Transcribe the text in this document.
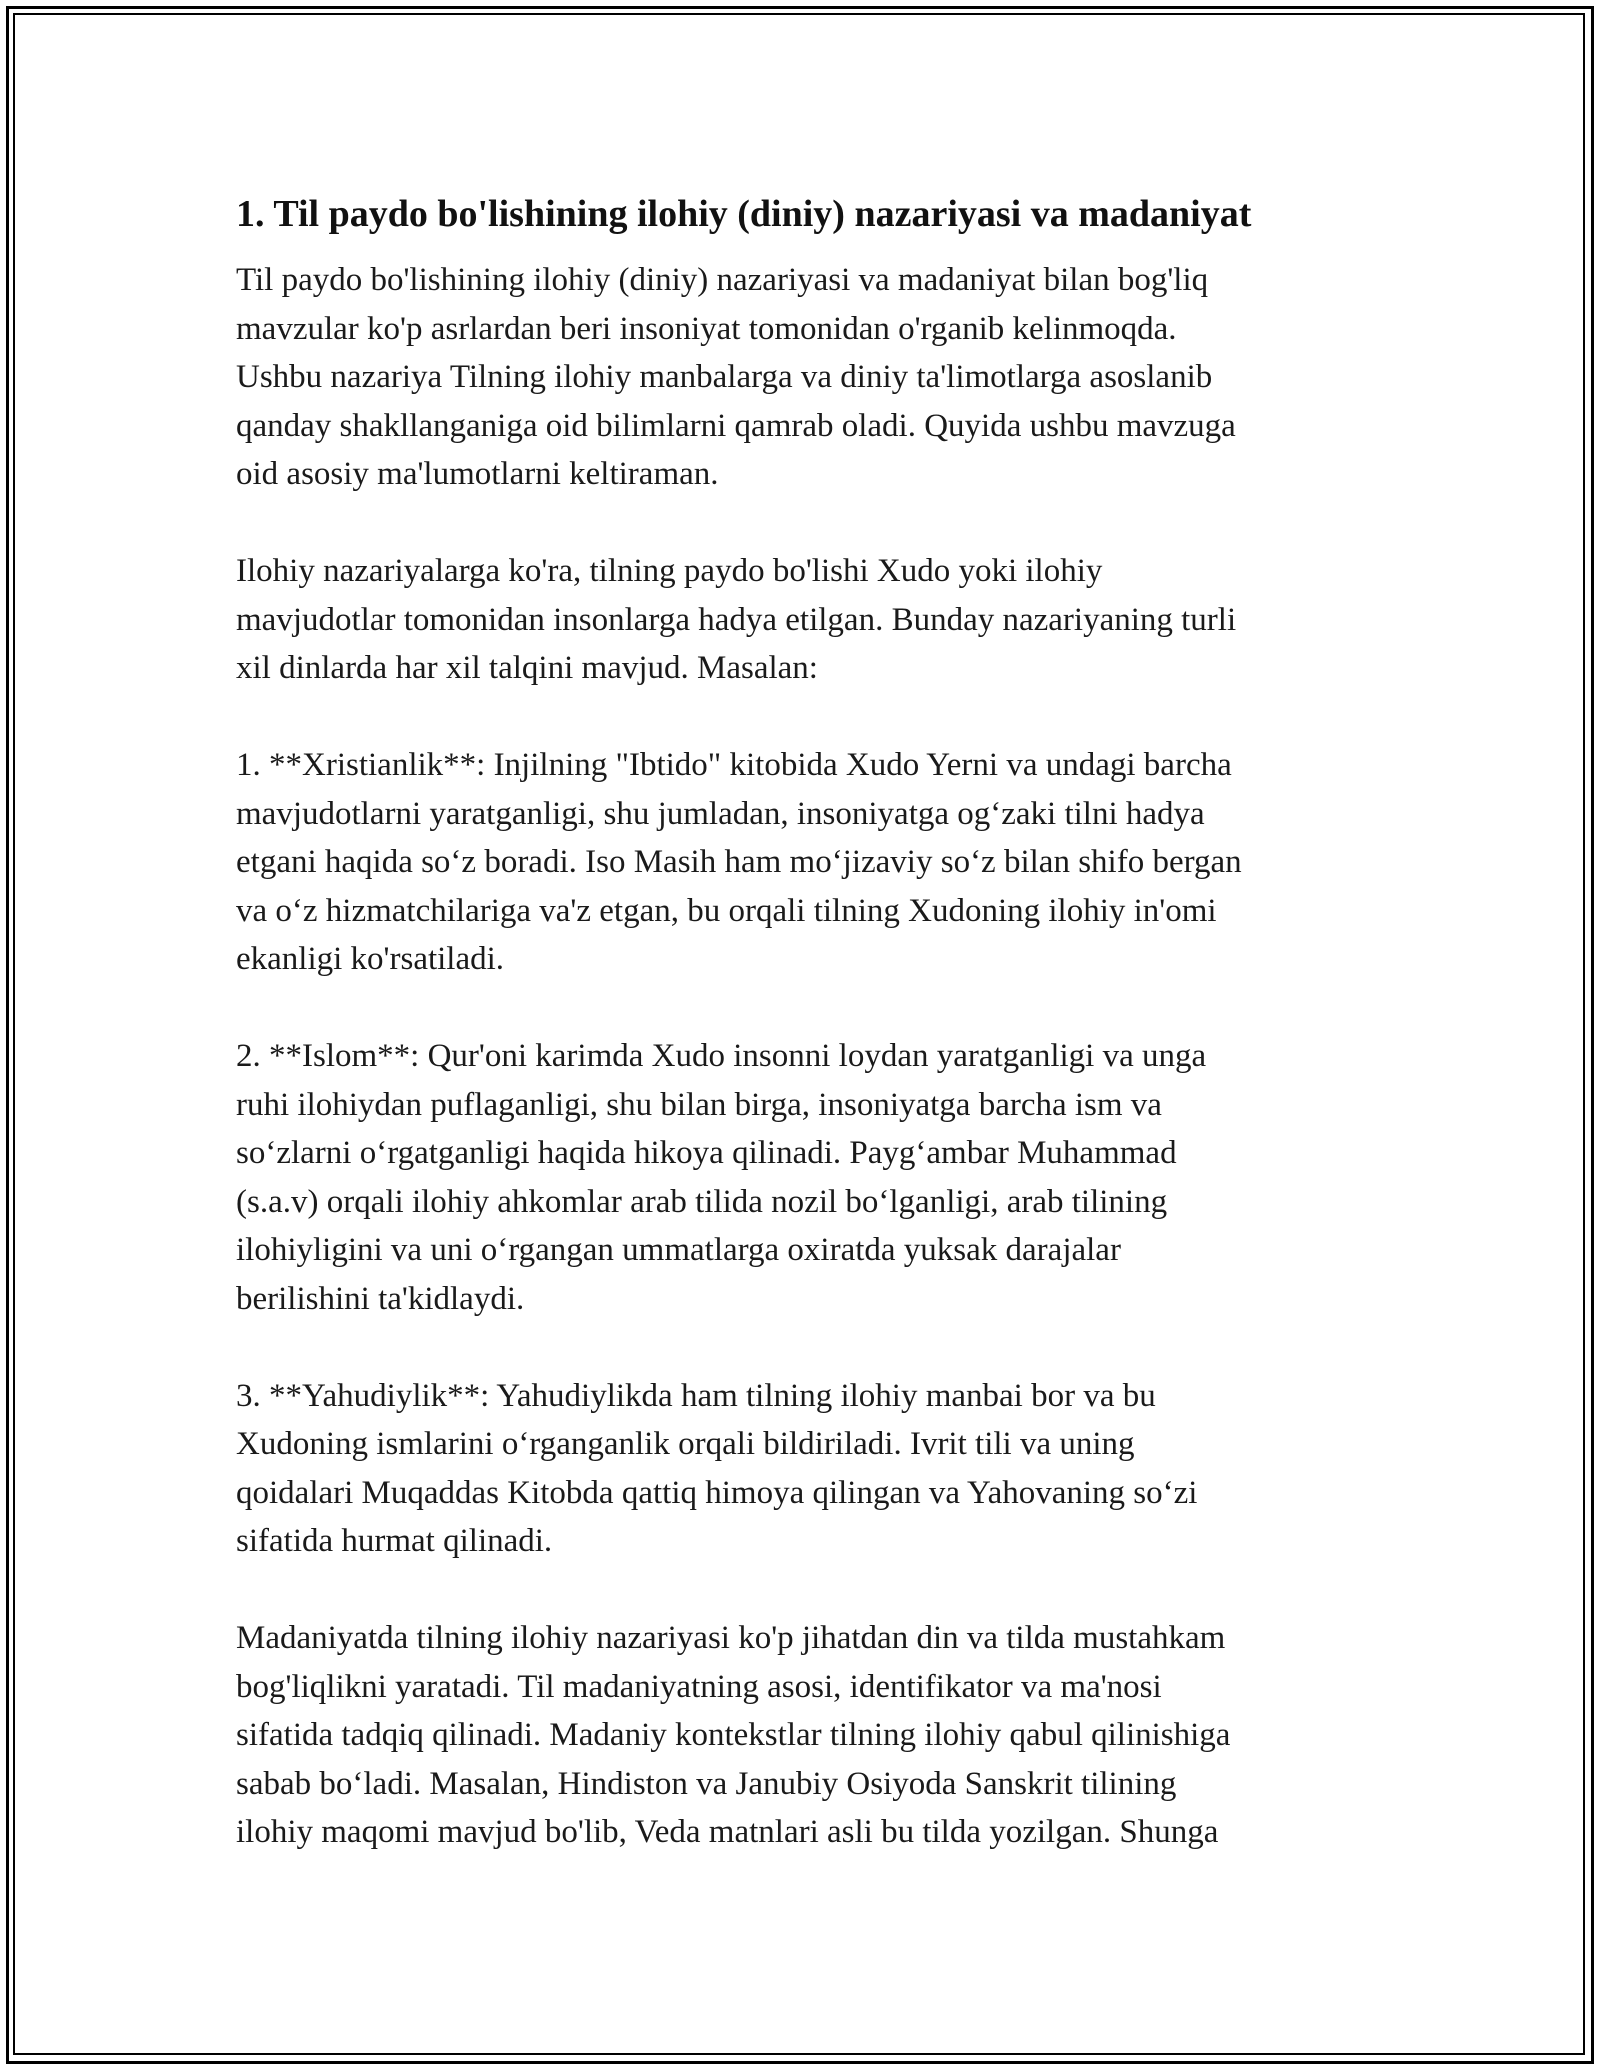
1. Til paydo bo'lishining ilohiy (diniy) nazariyasi va madaniyat

Til paydo bo'lishining ilohiy (diniy) nazariyasi va madaniyat bilan bog'liq
mavzular ko'p asrlardan beri insoniyat tomonidan o'rganib kelinmoqda.
Ushbu nazariya Tilning ilohiy manbalarga va diniy ta'limotlarga asoslanib
qanday shakllanganiga oid bilimlarni qamrab oladi. Quyida ushbu mavzuga
oid asosiy ma'lumotlarni keltiraman.

Ilohiy nazariyalarga ko'ra, tilning paydo bo'lishi Xudo yoki ilohiy
mavjudotlar tomonidan insonlarga hadya etilgan. Bunday nazariyaning turli
xil dinlarda har xil talqini mavjud. Masalan:

1. **Xristianlik**: Injilning "Ibtido" kitobida Xudo Yerni va undagi barcha
mavjudotlarni yaratganligi, shu jumladan, insoniyatga og‘zaki tilni hadya
etgani haqida so‘z boradi. Iso Masih ham mo‘jizaviy so‘z bilan shifo bergan
va o‘z hizmatchilariga va'z etgan, bu orqali tilning Xudoning ilohiy in'omi
ekanligi ko'rsatiladi.

2. **Islom**: Qur'oni karimda Xudo insonni loydan yaratganligi va unga
ruhi ilohiydan puflaganligi, shu bilan birga, insoniyatga barcha ism va
so‘zlarni o‘rgatganligi haqida hikoya qilinadi. Payg‘ambar Muhammad
(s.a.v) orqali ilohiy ahkomlar arab tilida nozil bo‘lganligi, arab tilining
ilohiyligini va uni o‘rgangan ummatlarga oxiratda yuksak darajalar
berilishini ta'kidlaydi.

3. **Yahudiylik**: Yahudiylikda ham tilning ilohiy manbai bor va bu
Xudoning ismlarini o‘rganganlik orqali bildiriladi. Ivrit tili va uning
qoidalari Muqaddas Kitobda qattiq himoya qilingan va Yahovaning so‘zi
sifatida hurmat qilinadi.

Madaniyatda tilning ilohiy nazariyasi ko'p jihatdan din va tilda mustahkam
bog'liqlikni yaratadi. Til madaniyatning asosi, identifikator va ma'nosi
sifatida tadqiq qilinadi. Madaniy kontekstlar tilning ilohiy qabul qilinishiga
sabab bo‘ladi. Masalan, Hindiston va Janubiy Osiyoda Sanskrit tilining
ilohiy maqomi mavjud bo'lib, Veda matnlari asli bu tilda yozilgan. Shunga
